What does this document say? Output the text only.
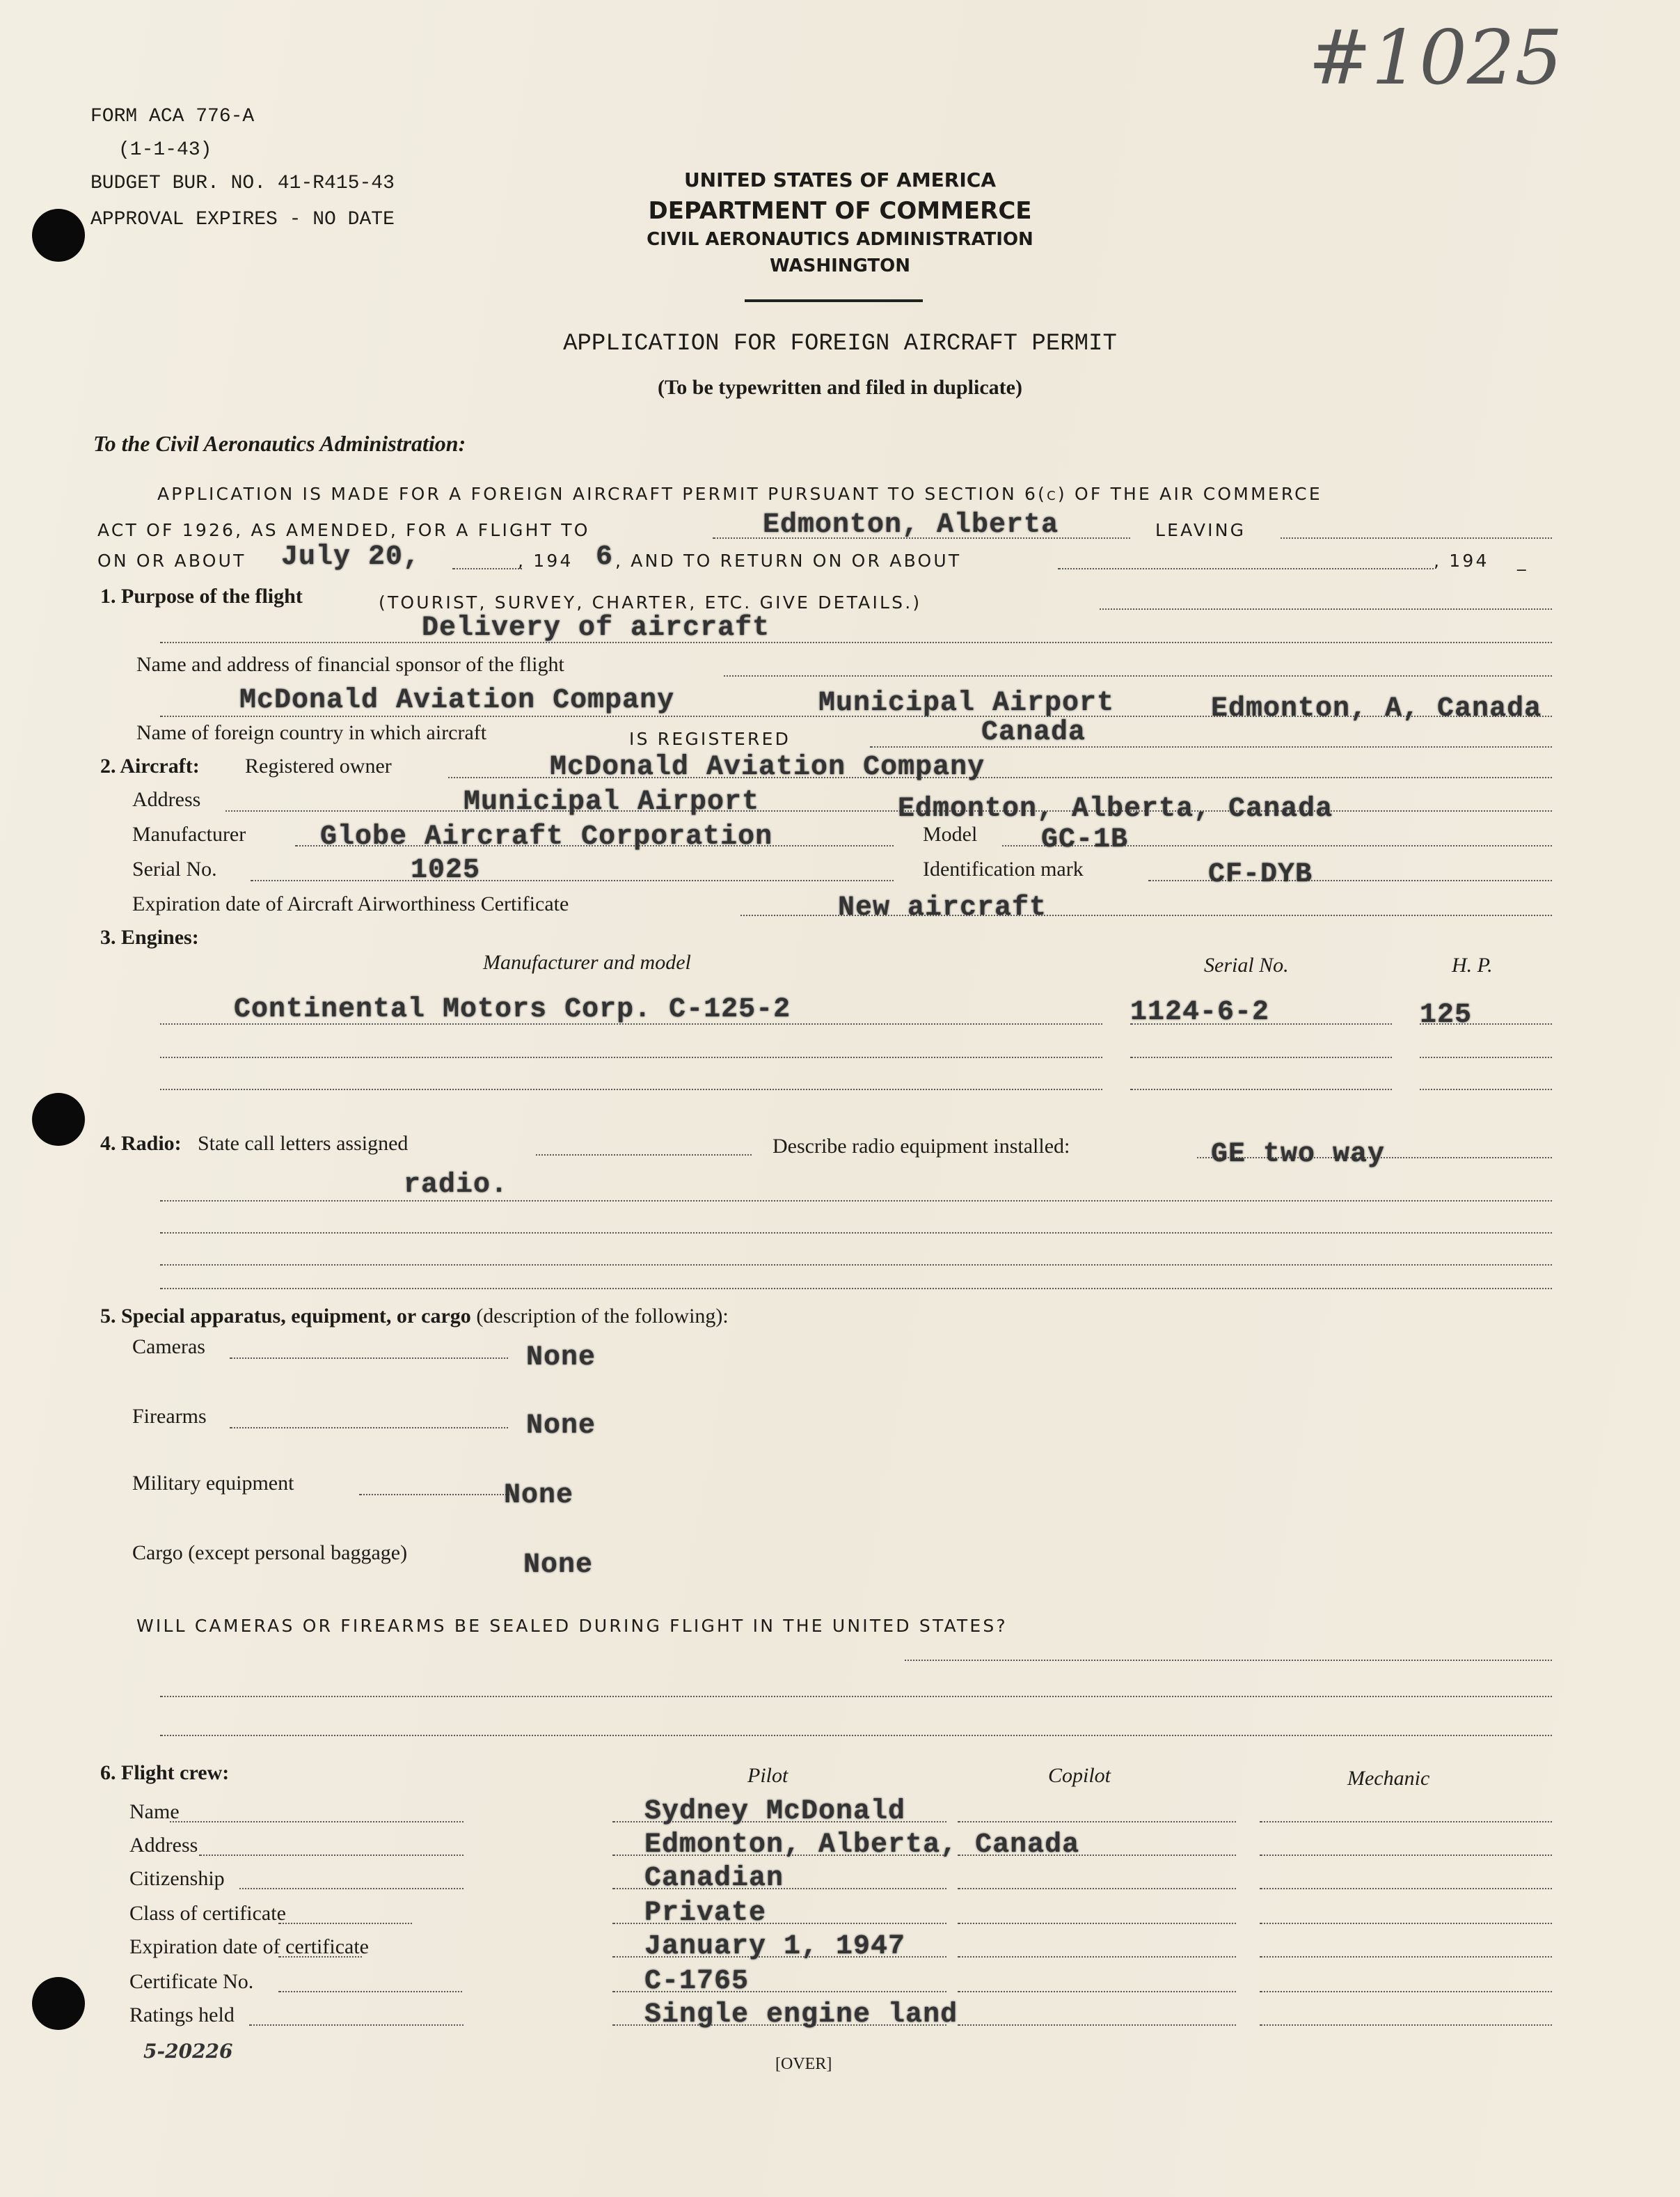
#1025
FORM ACA 776-A
(1-1-43)
BUDGET BUR. NO. 41-R415-43
APPROVAL EXPIRES - NO DATE
UNITED STATES OF AMERICA
DEPARTMENT OF COMMERCE
CIVIL AERONAUTICS ADMINISTRATION
WASHINGTON
APPLICATION FOR FOREIGN AIRCRAFT PERMIT
(To be typewritten and filed in duplicate)
To the Civil Aeronautics Administration:
APPLICATION IS MADE FOR A FOREIGN AIRCRAFT PERMIT PURSUANT TO SECTION 6(c) OF THE AIR COMMERCE
ACT OF 1926, AS AMENDED, FOR A FLIGHT TO	Edmonton, Alberta	LEAVING
ON OR ABOUT	July 20,	, 194 6 , AND TO RETURN ON OR ABOUT	, 194	_
1. Purpose of the flight	(TOURIST, SURVEY, CHARTER, ETC. GIVE DETAILS.)
Delivery of aircraft
Name and address of financial sponsor of the flight
McDonald Aviation Company	Municipal Airport	Edmonton, A, Canada
Name of foreign country in which aircraft	IS REGISTERED	Canada
2. Aircraft:	Registered owner	McDonald Aviation Company
Address	Municipal Airport	Edmonton, Alberta, Canada
Manufacturer	Globe Aircraft Corporation	Model	GC-1B
Serial No.	1025	Identification mark	CF-DYB
Expiration date of Aircraft Airworthiness Certificate	New aircraft
3. Engines:
Manufacturer and model	Serial No.	H. P.
Continental Motors Corp. C-125-2	1124-6-2	125
4. Radio: State call letters assigned	Describe radio equipment installed:	GE two way
radio.
5. Special apparatus, equipment, or cargo (description of the following):
Cameras	None
Firearms	None
Military equipment	None
Cargo (except personal baggage)	None
WILL CAMERAS OR FIREARMS BE SEALED DURING FLIGHT IN THE UNITED STATES?
6. Flight crew:	Pilot	Copilot	Mechanic
Name	Sydney McDonald
Address	Edmonton, Alberta, Canada
Citizenship	Canadian
Class of certificate	Private
Expiration date of certificate	January 1, 1947
Certificate No.	C-1765
Ratings held	Single engine land
5-20226	[OVER]
